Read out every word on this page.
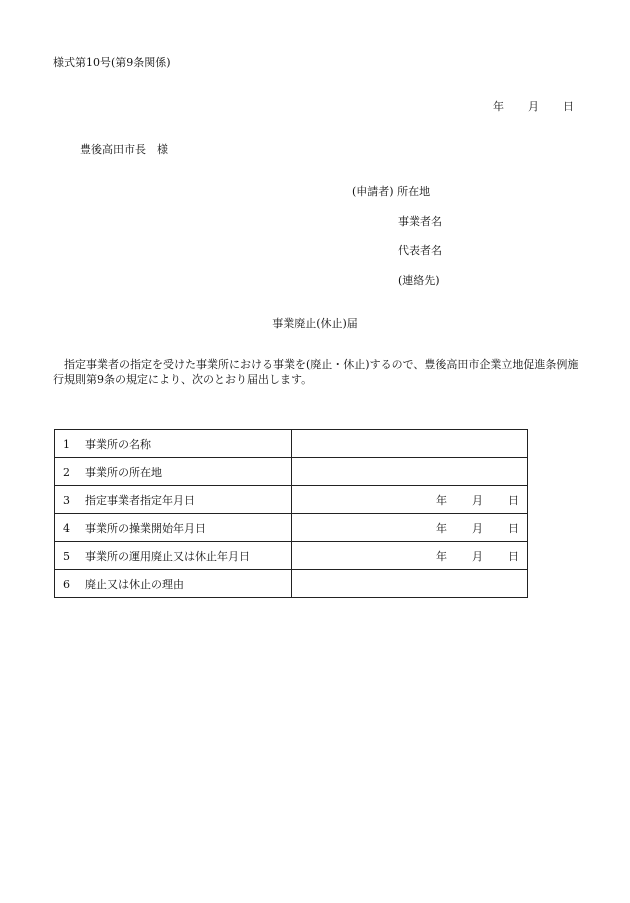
様式第10号(第9条関係)
年 月 日
豊後高田市長　様
(申請者) 所在地
事業者名
代表者名
(連絡先)
事業廃止(休止)届
指定事業者の指定を受けた事業所における事業を(廃止・休止)するので、豊後高田市企業立地促進条例施行規則第9条の規定により、次のとおり届出します。
1 事業所の名称	
2 事業所の所在地	
3 指定事業者指定年月日	年 月 日
4 事業所の操業開始年月日	年 月 日
5 事業所の運用廃止又は休止年月日	年 月 日
6 廃止又は休止の理由	
